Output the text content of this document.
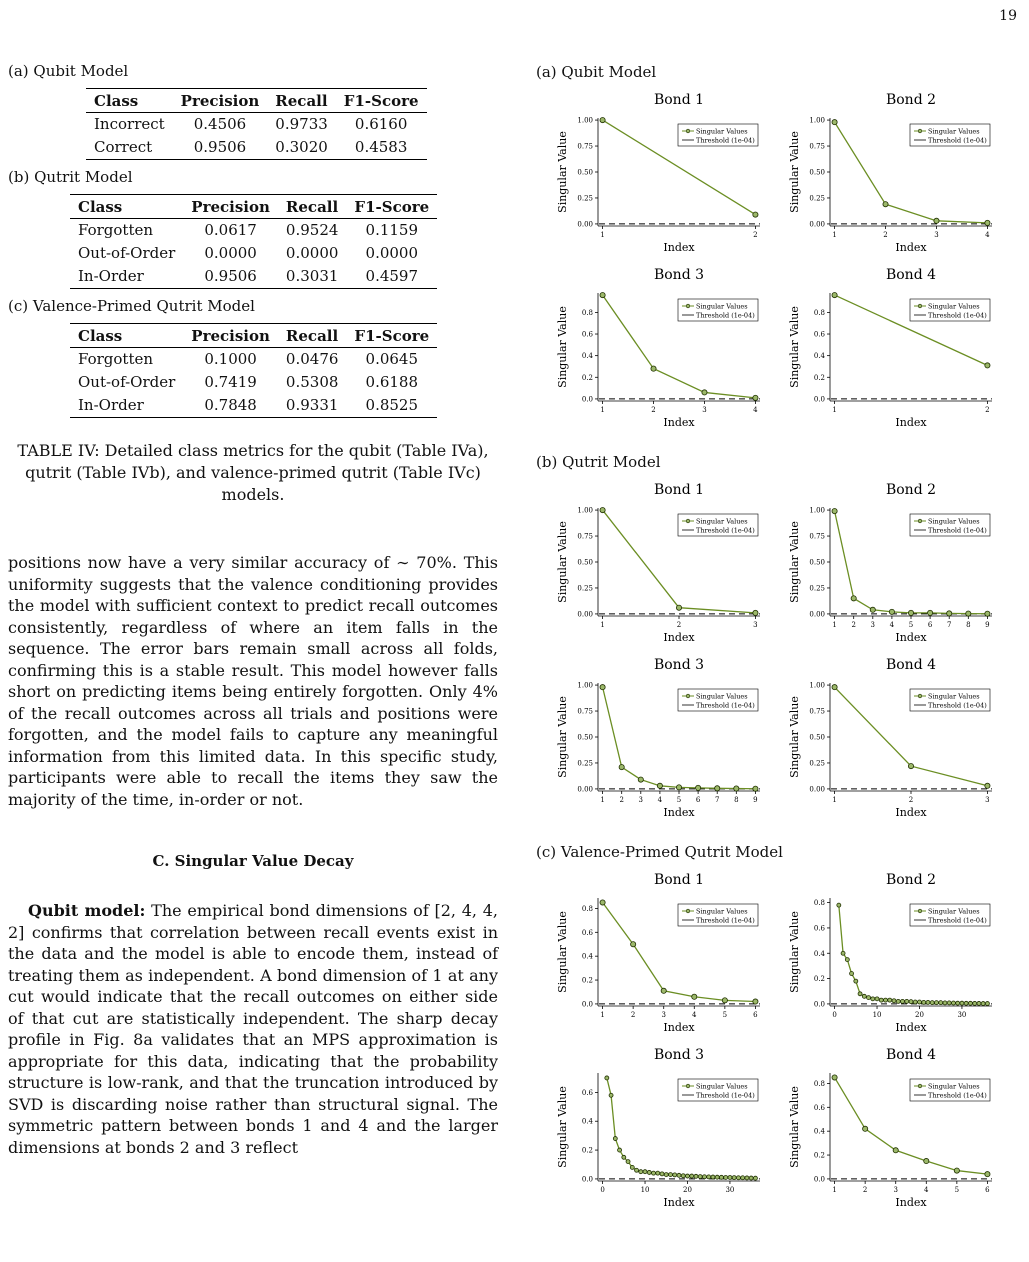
19

(a) Qubit Model

Class	Precision	Recall	F1-Score
Incorrect	0.4506	0.9733	0.6160
Correct	0.9506	0.3020	0.4583

(b) Qutrit Model

Class	Precision	Recall	F1-Score
Forgotten	0.0617	0.9524	0.1159
Out-of-Order	0.0000	0.0000	0.0000
In-Order	0.9506	0.3031	0.4597

(c) Valence-Primed Qutrit Model

Class	Precision	Recall	F1-Score
Forgotten	0.1000	0.0476	0.0645
Out-of-Order	0.7419	0.5308	0.6188
In-Order	0.7848	0.9331	0.8525

TABLE IV: Detailed class metrics for the qubit (Table IVa), qutrit (Table IVb), and valence-primed qutrit (Table IVc) models.

positions now have a very similar accuracy of ∼ 70%. This uniformity suggests that the valence conditioning provides the model with sufficient context to predict recall outcomes consistently, regardless of where an item falls in the sequence. The error bars remain small across all folds, confirming this is a stable result. This model however falls short on predicting items being entirely forgotten. Only 4% of the recall outcomes across all trials and positions were forgotten, and the model fails to capture any meaningful information from this limited data. In this specific study, participants were able to recall the items they saw the majority of the time, in-order or not.

C. Singular Value Decay

Qubit model: The empirical bond dimensions of [2, 4, 4, 2] confirms that correlation between recall events exist in the data and the model is able to encode them, instead of treating them as independent. A bond dimension of 1 at any cut would indicate that the recall outcomes on either side of that cut are statistically independent. The sharp decay profile in Fig. 8a validates that an MPS approximation is appropriate for this data, indicating that the probability structure is low-rank, and that the truncation introduced by SVD is discarding noise rather than structural signal. The symmetric pattern between bonds 1 and 4 and the larger dimensions at bonds 2 and 3 reflect

(a) Qubit Model
(b) Qutrit Model
(c) Valence-Primed Qutrit Model
Bond 1
0.00
0.25
0.50
0.75
1.00
1	2
Index
Singular Value	Singular Values
Threshold (1e-04)
Bond 2
0.00
0.25
0.50
0.75
1.00
1	2	3	4
Index
Singular Value	Singular Values
Threshold (1e-04)
Bond 3
0.0
0.2
0.4
0.6
0.8
1	2	3	4
Index
Singular Value	Singular Values
Threshold (1e-04)
Bond 4
0.0
0.2
0.4
0.6
0.8
1	2
Index
Singular Value	Singular Values
Threshold (1e-04)
Bond 1
0.00
0.25
0.50
0.75
1.00
1	2	3
Index
Singular Value	Singular Values
Threshold (1e-04)
Bond 2
0.00
0.25
0.50
0.75
1.00
1 2 3 4 5 6 7 8 9
Index
Singular Value	Singular Values
Threshold (1e-04)
Bond 3
0.00
0.25
0.50
0.75
1.00
1 2 3 4 5 6 7 8 9
Index
Singular Value	Singular Values
Threshold (1e-04)
Bond 4
0.00
0.25
0.50
0.75
1.00
1	2	3
Index
Singular Value	Singular Values
Threshold (1e-04)
Bond 1
0.0
0.2
0.4
0.6
0.8
1	2	3	4	5	6
Index
Singular Value	Singular Values
Threshold (1e-04)
Bond 2
0.0
0.2
0.4
0.6
0.8
0	10	20	30
Index
Singular Value	Singular Values
Threshold (1e-04)
Bond 3
0.0
0.2
0.4
0.6
0	10	20	30
Index
Singular Value	Singular Values
Threshold (1e-04)
Bond 4
0.0
0.2
0.4
0.6
0.8
1	2	3	4	5	6
Index
Singular Value	Singular Values
Threshold (1e-04)
